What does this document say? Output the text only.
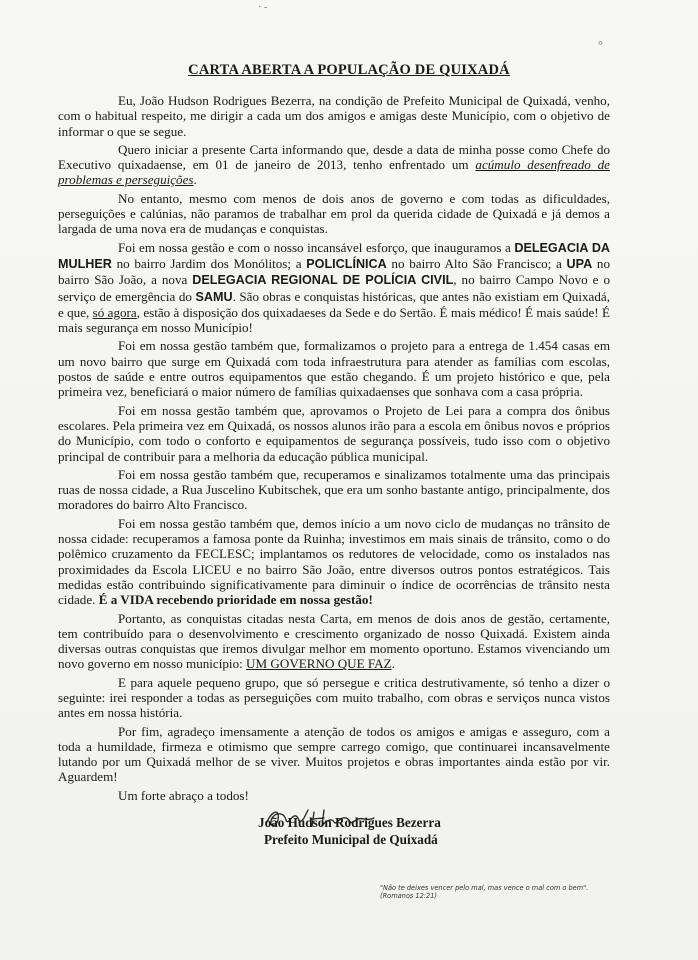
· -
°
CARTA ABERTA A POPULAÇÃO DE QUIXADÁ

Eu, João Hudson Rodrigues Bezerra, na condição de Prefeito Municipal de Quixadá, venho, com o habitual respeito, me dirigir a cada um dos amigos e amigas deste Município, com o objetivo de informar o que se segue.

Quero iniciar a presente Carta informando que, desde a data de minha posse como Chefe do Executivo quixadaense, em 01 de janeiro de 2013, tenho enfrentado um acúmulo desenfreado de problemas e perseguições.

No entanto, mesmo com menos de dois anos de governo e com todas as dificuldades, perseguições e calúnias, não paramos de trabalhar em prol da querida cidade de Quixadá e já demos a largada de uma nova era de mudanças e conquistas.

Foi em nossa gestão e com o nosso incansável esforço, que inauguramos a DELEGACIA DA MULHER no bairro Jardim dos Monólitos; a POLICLÍNICA no bairro Alto São Francisco; a UPA no bairro São João, a nova DELEGACIA REGIONAL DE POLÍCIA CIVIL, no bairro Campo Novo e o serviço de emergência do SAMU. São obras e conquistas históricas, que antes não existiam em Quixadá, e que, só agora, estão à disposição dos quixadaeses da Sede e do Sertão. É mais médico! É mais saúde! É mais segurança em nosso Município!

Foi em nossa gestão também que, formalizamos o projeto para a entrega de 1.454 casas em um novo bairro que surge em Quixadá com toda infraestrutura para atender as famílias com escolas, postos de saúde e entre outros equipamentos que estão chegando. É um projeto histórico e que, pela primeira vez, beneficiará o maior número de famílias quixadaenses que sonhava com a casa própria.

Foi em nossa gestão também que, aprovamos o Projeto de Lei para a compra dos ônibus escolares. Pela primeira vez em Quixadá, os nossos alunos irão para a escola em ônibus novos e próprios do Município, com todo o conforto e equipamentos de segurança possíveis, tudo isso com o objetivo principal de contribuir para a melhoria da educação pública municipal.

Foi em nossa gestão também que, recuperamos e sinalizamos totalmente uma das principais ruas de nossa cidade, a Rua Juscelino Kubitschek, que era um sonho bastante antigo, principalmente, dos moradores do bairro Alto Francisco.

Foi em nossa gestão também que, demos início a um novo ciclo de mudanças no trânsito de nossa cidade: recuperamos a famosa ponte da Ruinha; investimos em mais sinais de trânsito, como o do polêmico cruzamento da FECLESC; implantamos os redutores de velocidade, como os instalados nas proximidades da Escola LICEU e no bairro São João, entre diversos outros pontos estratégicos. Tais medidas estão contribuindo significativamente para diminuir o índice de ocorrências de trânsito nesta cidade. É a VIDA recebendo prioridade em nossa gestão!

Portanto, as conquistas citadas nesta Carta, em menos de dois anos de gestão, certamente, tem contribuído para o desenvolvimento e crescimento organizado de nosso Quixadá. Existem ainda diversas outras conquistas que iremos divulgar melhor em momento oportuno. Estamos vivenciando um novo governo em nosso município: UM GOVERNO QUE FAZ.

E para aquele pequeno grupo, que só persegue e critica destrutivamente, só tenho a dizer o seguinte: irei responder a todas as perseguições com muito trabalho, com obras e serviços nunca vistos antes em nossa história.

Por fim, agradeço imensamente a atenção de todos os amigos e amigas e asseguro, com a toda a humildade, firmeza e otimismo que sempre carrego comigo, que continuarei incansavelmente lutando por um Quixadá melhor de se viver. Muitos projetos e obras importantes ainda estão por vir. Aguardem!

Um forte abraço a todos!

João Hudson Rodrigues Bezerra
Prefeito Municipal de Quixadá
"Não te deixes vencer pelo mal, mas vence o mal com o bem". (Romanos 12:21)
